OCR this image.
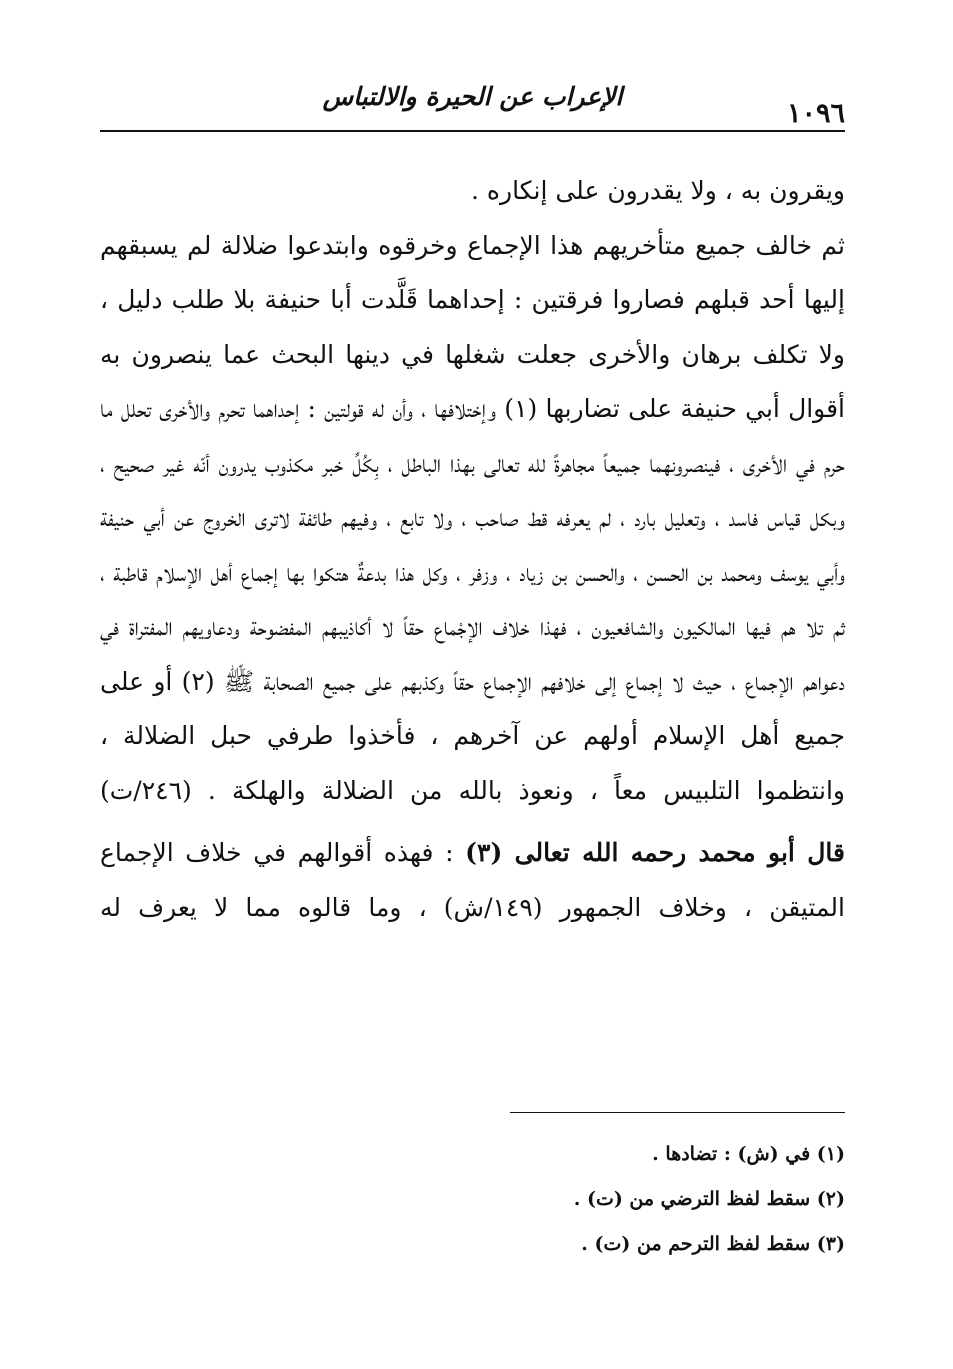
١٠٩٦
الإعراب عن الحيرة والالتباس

ويقرون به ، ولا يقدرون على إنكاره .

ثم خالف جميع متأخريهم هذا الإجماع وخرقوه وابتدعوا ضلالة لم يسبقهم إليها أحد قبلهم فصاروا فرقتين : إحداهما قَلَّدت أبا حنيفة بلا طلب دليل ، ولا تكلف برهان والأخرى جعلت شغلها في دينها البحث عما ينصرون به أقوال أبي حنيفة على تضاربها (١) وإختلافها ، وأن له قولتين : إحداهما تحرم والأخرى تحلل ما حرم في الأخرى ، فينصرونهما جميعاً مجاهرةً لله تعالى بهذا الباطل ، بِكُلِّ خبر مكذوب يدرون أنّه غير صحيح ، وبكل قياس فاسد ، وتعليل بارد ، لم يعرفه قط صاحب ، ولا تابع ، وفيهم طائفة لاترى الخروج عن أبي حنيفة وأبي يوسف ومحمد بن الحسن ، والحسن بن زياد ، وزفر ، وكل هذا بدعةٌ هتكوا بها إجماع أهل الإسلام قاطبة ، ثم تلا هم فيها المالكيون والشافعيون ، فهذا خلاف الإجْماع حقاً لا أكاذيبهم المفضوحة ودعاويهم المفتراة في دعواهم الإجماع ، حيث لا إجماع إلى خلافهم الإجماع حقاً وكذبهم على جميع الصحابة ﷺ (٢) أو على جميع أهل الإسلام أولهم عن آخرهم ، فأخذوا طرفي حبل الضلالة ، وانتظموا التلبيس معاً ، ونعوذ بالله من الضلالة والهلكة . (٢٤٦/ت)

قال أبو محمد رحمه الله تعالى (٣) : فهذه أقوالهم في خلاف الإجماع المتيقن ، وخلاف الجمهور (١٤٩/ش) ، وما قالوه مما لا يعرف له

(١) في (ش) : تضادها .

(٢) سقط لفظ الترضي من (ت) .

(٣) سقط لفظ الترحم من (ت) .
